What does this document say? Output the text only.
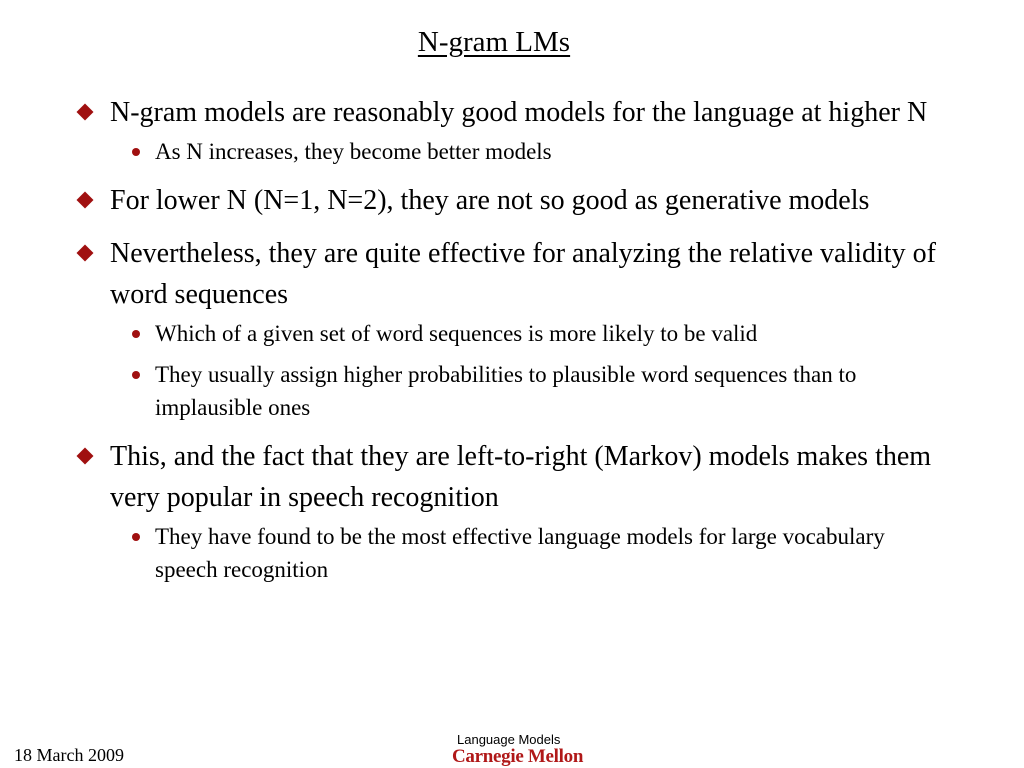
N-gram LMs
N-gram models are reasonably good models for the language at higher N
As N increases, they become better models
For lower N (N=1, N=2), they are not so good as generative models
Nevertheless, they are quite effective for analyzing the relative validity of word sequences
Which of a given set of word sequences is more likely to be valid
They usually assign higher probabilities to plausible word sequences than to implausible ones
This, and the fact that they are left-to-right (Markov) models makes them very popular in speech recognition
They have found to be the most effective language models for large vocabulary speech recognition
18 March 2009
Language Models
Carnegie Mellon
